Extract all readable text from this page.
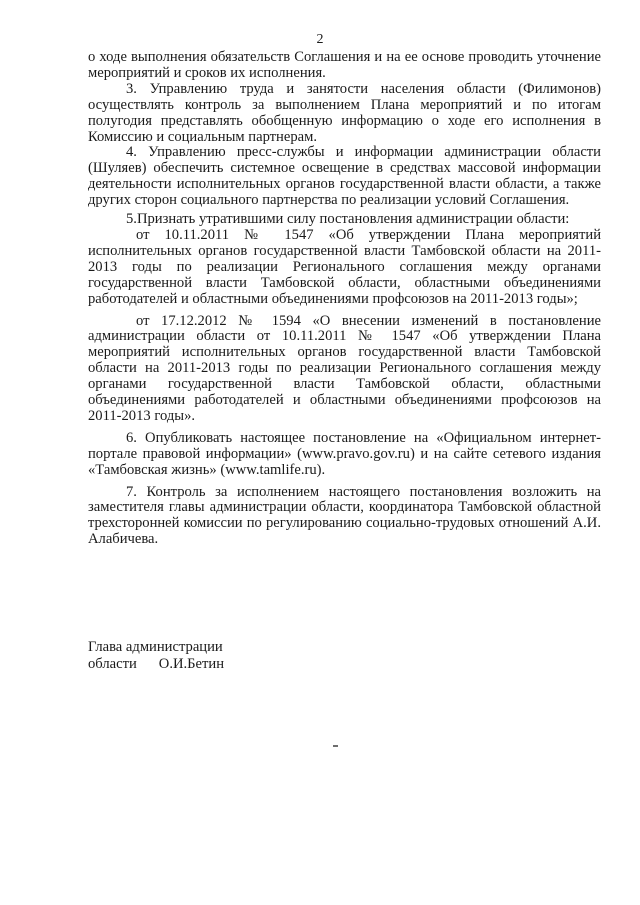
2

о ходе выполнения обязательств Соглашения и на ее основе проводить уточнение мероприятий и сроков их исполнения.

3. Управлению труда и занятости населения области (Филимонов) осуществлять контроль за выполнением Плана мероприятий и по итогам полугодия представлять обобщенную информацию о ходе его исполнения в Комиссию и социальным партнерам.

4. Управлению пресс-службы и информации администрации области (Шуляев) обеспечить системное освещение в средствах массовой информации деятельности исполнительных органов государственной власти области, а также других сторон социального партнерства по реализации условий Соглашения.

5.Признать утратившими силу постановления администрации области:

от 10.11.2011 № 1547 «Об утверждении Плана мероприятий исполнительных органов государственной власти Тамбовской области на 2011-2013 годы по реализации Регионального соглашения между органами государственной власти Тамбовской области, областными объединениями работодателей и областными объединениями профсоюзов на 2011-2013 годы»;

от 17.12.2012 № 1594 «О внесении изменений в постановление администрации области от 10.11.2011 № 1547 «Об утверждении Плана мероприятий исполнительных органов государственной власти Тамбовской области на 2011-2013 годы по реализации Регионального соглашения между органами государственной власти Тамбовской области, областными объединениями работодателей и областными объединениями профсоюзов на 2011-2013 годы».

6. Опубликовать настоящее постановление на «Официальном интернет-портале правовой информации» (www.pravo.gov.ru) и на сайте сетевого издания «Тамбовская жизнь» (www.tamlife.ru).

7. Контроль за исполнением настоящего постановления возложить на заместителя главы администрации области, координатора Тамбовской областной трехсторонней комиссии по регулированию социально-трудовых отношений А.И. Алабичева.

Глава администрации
области О.И.Бетин
